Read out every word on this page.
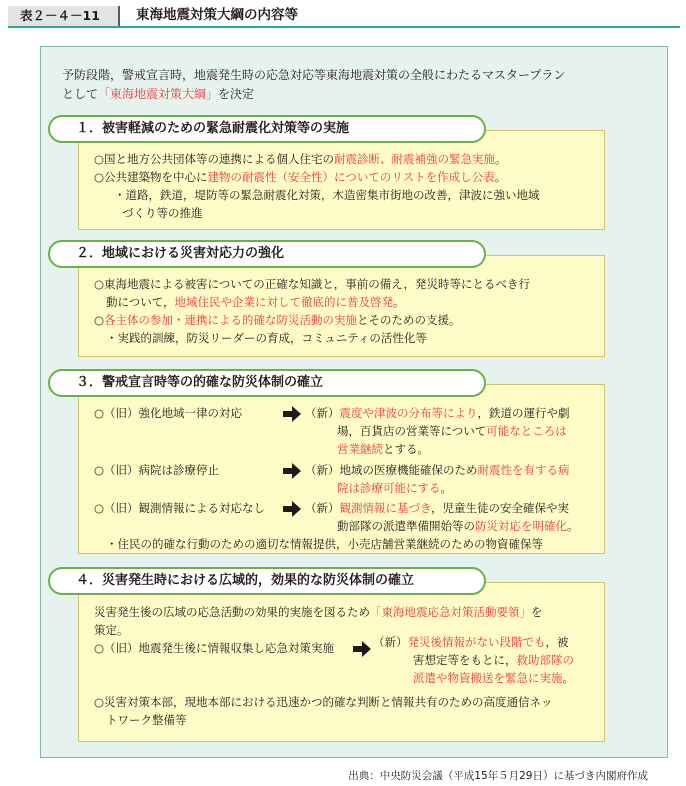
表２－４－11	東海地震対策大綱の内容等
予防段階，警戒宣言時，地震発生時の応急対応等東海地震対策の全般にわたるマスタープラン
として「東海地震対策大綱」を決定
１．被害軽減のための緊急耐震化対策等の実施
○国と地方公共団体等の連携による個人住宅の耐震診断、耐震補強の緊急実施。
○公共建築物を中心に建物の耐震性（安全性）についてのリストを作成し公表。
・道路，鉄道，堤防等の緊急耐震化対策，木造密集市街地の改善，津波に強い地域
づくり等の推進
２．地域における災害対応力の強化
○東海地震による被害についての正確な知識と，事前の備え，発災時等にとるべき行
動について，地域住民や企業に対して徹底的に普及啓発。
○各主体の参加・連携による的確な防災活動の実施とそのための支援。
・実践的訓練，防災リーダーの育成，コミュニティの活性化等
３．警戒宣言時等の的確な防災体制の確立
○（旧）強化地域一律の対応	（新）震度や津波の分布等により，鉄道の運行や劇
場，百貨店の営業等について可能なところは
営業継続とする。
○（旧）病院は診療停止	（新）地域の医療機能確保のため耐震性を有する病
院は診療可能にする。
○（旧）観測情報による対応なし	（新）観測情報に基づき，児童生徒の安全確保や実
動部隊の派遣準備開始等の防災対応を明確化。
・住民の的確な行動のための適切な情報提供，小売店舗営業継続のための物資確保等
４．災害発生時における広域的，効果的な防災体制の確立
災害発生後の広域の応急活動の効果的実施を図るため「東海地震応急対策活動要領」を
策定。
○（旧）地震発生後に情報収集し応急対策実施	（新）発災後情報がない段階でも，被
害想定等をもとに，救助部隊の
派遣や物資搬送を緊急に実施。
○災害対策本部，現地本部における迅速かつ的確な判断と情報共有のための高度通信ネッ
トワーク整備等
出典：中央防災会議（平成15年５月29日）に基づき内閣府作成
